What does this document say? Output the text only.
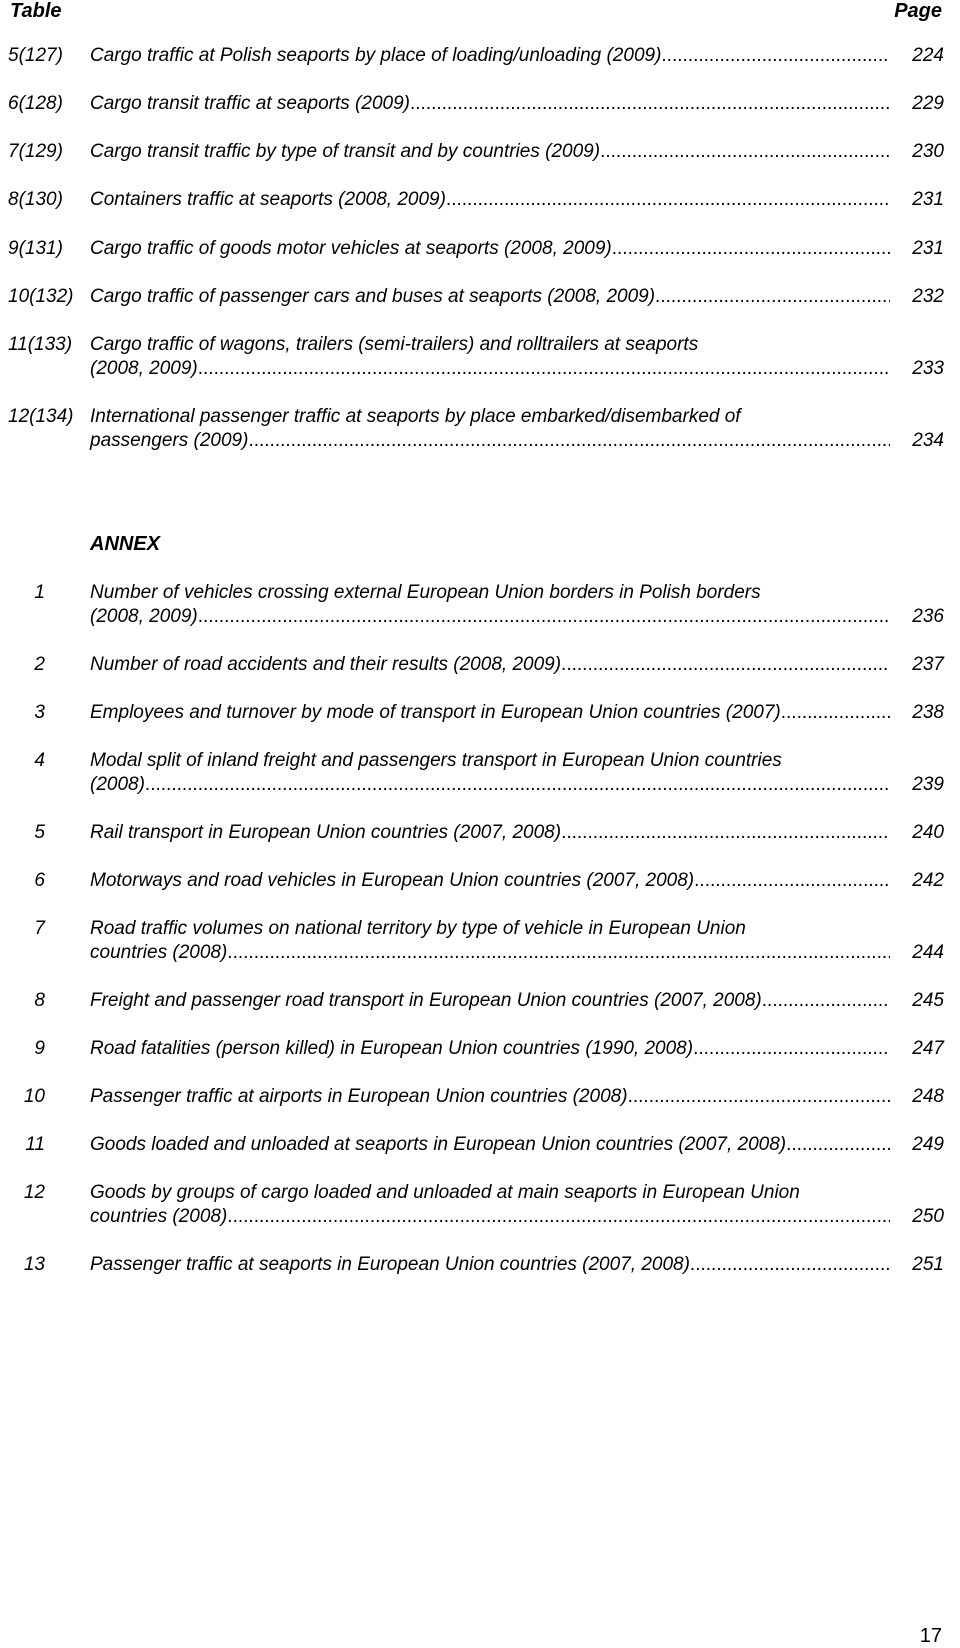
Table	Page
5(127) Cargo traffic at Polish seaports by place of loading/unloading (2009) .....	224
6(128) Cargo transit traffic at seaports (2009) .....	229
7(129) Cargo transit traffic by type of transit and by countries (2009) .....	230
8(130) Containers traffic at seaports (2008, 2009) .....	231
9(131) Cargo traffic of goods motor vehicles at seaports (2008, 2009) .....	231
10(132) Cargo traffic of passenger cars and buses at seaports (2008, 2009) .....	232
11(133) Cargo traffic of wagons, trailers (semi-trailers) and rolltrailers at seaports
(2008, 2009) .....	233
12(134) International passenger traffic at seaports by place embarked/disembarked of
passengers (2009) .....	234
ANNEX
1 Number of vehicles crossing external European Union borders in Polish borders
(2008, 2009) .....	236
2 Number of road accidents and their results (2008, 2009) .....	237
3 Employees and turnover by mode of transport in European Union countries (2007) .....	238
4 Modal split of inland freight and passengers transport in European Union countries
(2008) .....	239
5 Rail transport in European Union countries (2007, 2008) .....	240
6 Motorways and road vehicles in European Union countries (2007, 2008) .....	242
7 Road traffic volumes on national territory by type of vehicle in European Union
countries (2008) .....	244
8 Freight and passenger road transport in European Union countries (2007, 2008) .....	245
9 Road fatalities (person killed) in European Union countries (1990, 2008) .....	247
10 Passenger traffic at airports in European Union countries (2008) .....	248
11 Goods loaded and unloaded at seaports in European Union countries (2007, 2008) .....	249
12 Goods by groups of cargo loaded and unloaded at main seaports in European Union
countries (2008) .....	250
13 Passenger traffic at seaports in European Union countries (2007, 2008) .....	251
17
